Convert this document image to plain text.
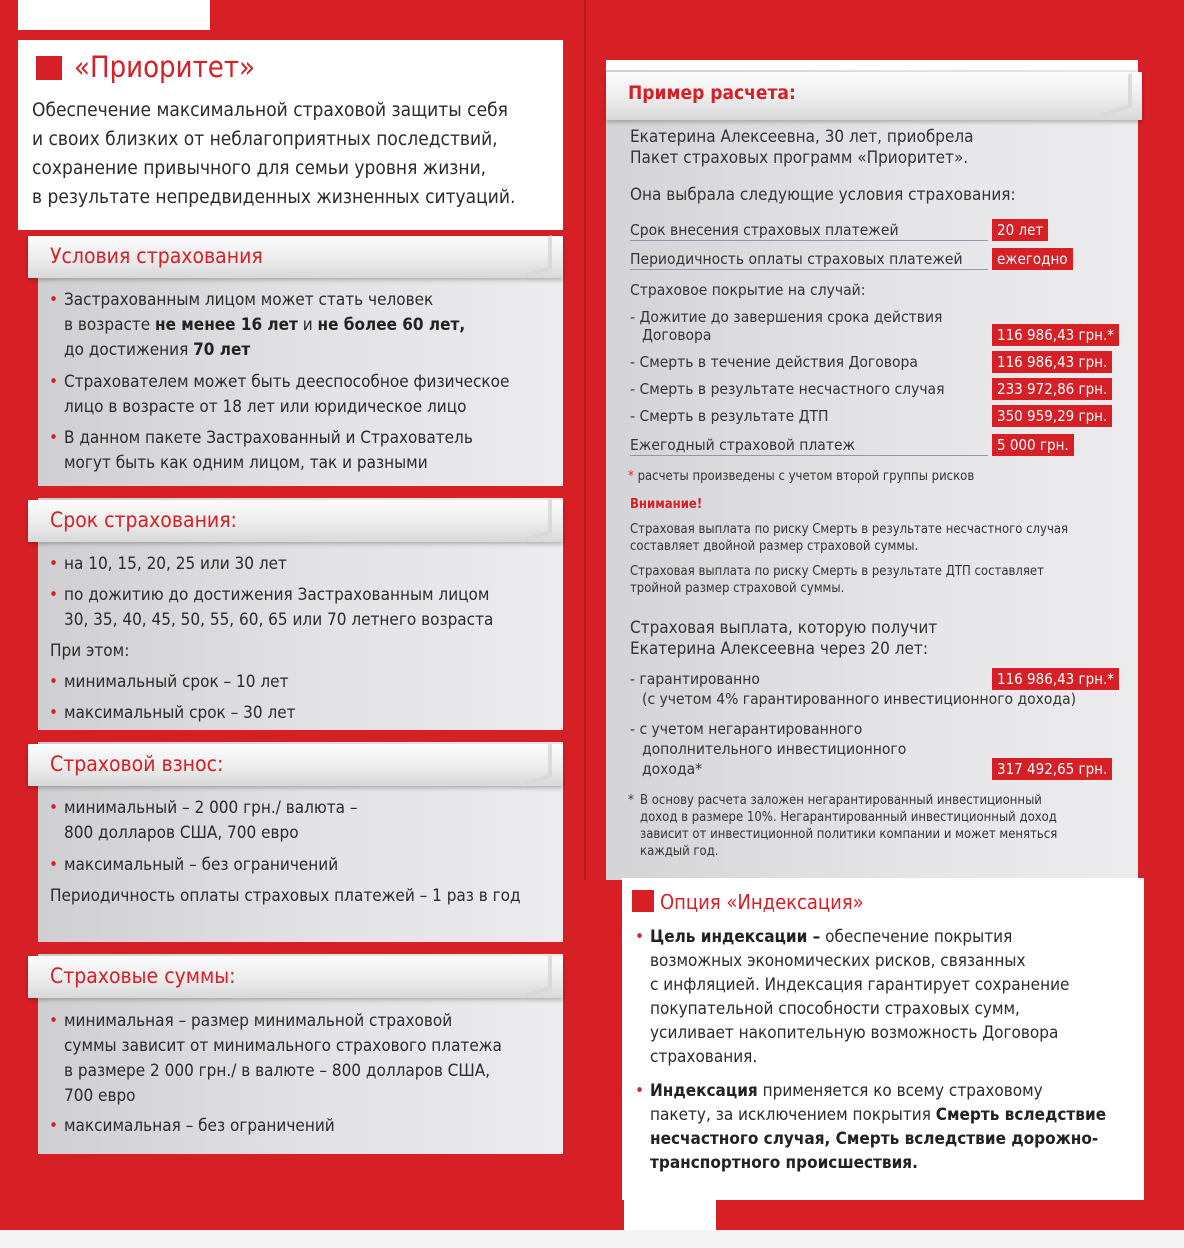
«Приоритет»
Обеспечение максимальной страховой защиты себя
и своих близких от неблагоприятных последствий,
сохранение привычного для семьи уровня жизни,
в результате непредвиденных жизненных ситуаций.
Условия страхования
• Застрахованным лицом может стать человек
в возрасте не менее 16 лет и не более 60 лет,
до достижения 70 лет
• Страхователем может быть дееспособное физическое
лицо в возрасте от 18 лет или юридическое лицо
• В данном пакете Застрахованный и Страхователь
могут быть как одним лицом, так и разными
Срок страхования:
• на 10, 15, 20, 25 или 30 лет
• по дожитию до достижения Застрахованным лицом
30, 35, 40, 45, 50, 55, 60, 65 или 70 летнего возраста
При этом:
• минимальный срок – 10 лет
• максимальный срок – 30 лет
Страховой взнос:
• минимальный – 2 000 грн./ валюта –
800 долларов США, 700 евро
• максимальный – без ограничений
Периодичность оплаты страховых платежей – 1 раз в год
Страховые суммы:
• минимальная – размер минимальной страховой
суммы зависит от минимального страхового платежа
в размере 2 000 грн./ в валюте – 800 долларов США,
700 евро
• максимальная – без ограничений
Пример расчета:
Екатерина Алексеевна, 30 лет, приобрела
Пакет страховых программ «Приоритет».
Она выбрала следующие условия страхования:
Срок внесения страховых платежей	20 лет
Периодичность оплаты страховых платежей	ежегодно
Страховое покрытие на случай:
- Дожитие до завершения срока действия
Договора	116 986,43 грн.*
- Смерть в течение действия Договора	116 986,43 грн.
- Смерть в результате несчастного случая	233 972,86 грн.
- Смерть в результате ДТП	350 959,29 грн.
Ежегодный страховой платеж	5 000 грн.
* расчеты произведены с учетом второй группы рисков
Внимание!
Страховая выплата по риску Смерть в результате несчастного случая
составляет двойной размер страховой суммы.
Страховая выплата по риску Смерть в результате ДТП составляет
тройной размер страховой суммы.
Страховая выплата, которую получит
Екатерина Алексеевна через 20 лет:
- гарантированно	116 986,43 грн.*
(с учетом 4% гарантированного инвестиционного дохода)
- с учетом негарантированного
дополнительного инвестиционного
дохода*	317 492,65 грн.
* В основу расчета заложен негарантированный инвестиционный
доход в размере 10%. Негарантированный инвестиционный доход
зависит от инвестиционной политики компании и может меняться
каждый год.
Опция «Индексация»
• Цель индексации – обеспечение покрытия
возможных экономических рисков, связанных
с инфляцией. Индексация гарантирует сохранение
покупательной способности страховых сумм,
усиливает накопительную возможность Договора
страхования.
• Индексация применяется ко всему страховому
пакету, за исключением покрытия Смерть вследствие
несчастного случая, Смерть вследствие дорожно-
транспортного происшествия.
